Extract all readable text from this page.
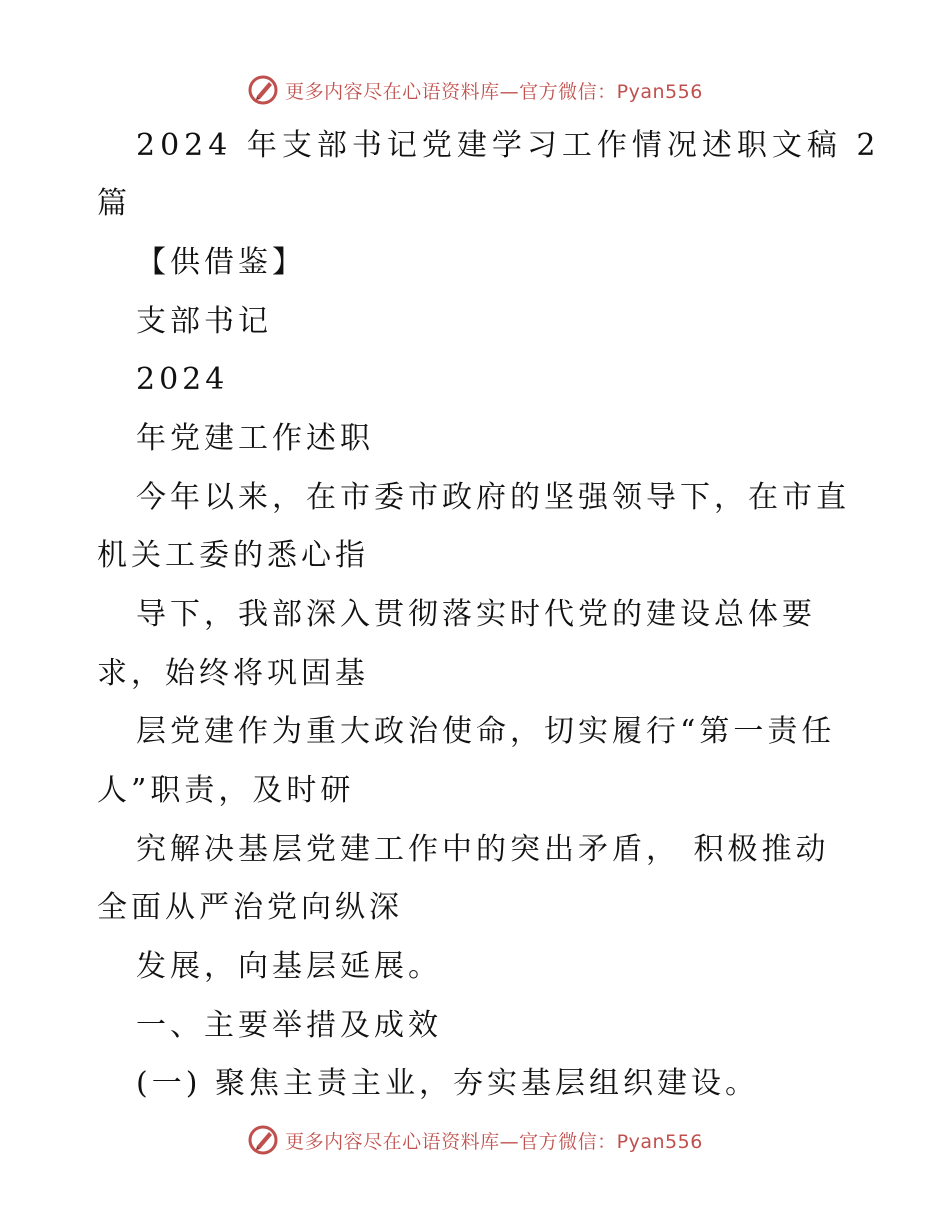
更多内容尽在心语资料库—官方微信：Pyan556
2024 年支部书记党建学习工作情况述职文稿 2
篇
【供借鉴】
支部书记
2024
年党建工作述职
今年以来，在市委市政府的坚强领导下，在市直
机关工委的悉心指
导下，我部深入贯彻落实时代党的建设总体要
求，始终将巩固基
层党建作为重大政治使命，切实履行“第一责任
人”职责，及时研
究解决基层党建工作中的突出矛盾， 积极推动
全面从严治党向纵深
发展，向基层延展。
一、主要举措及成效
(一) 聚焦主责主业，夯实基层组织建设。
更多内容尽在心语资料库—官方微信：Pyan556
